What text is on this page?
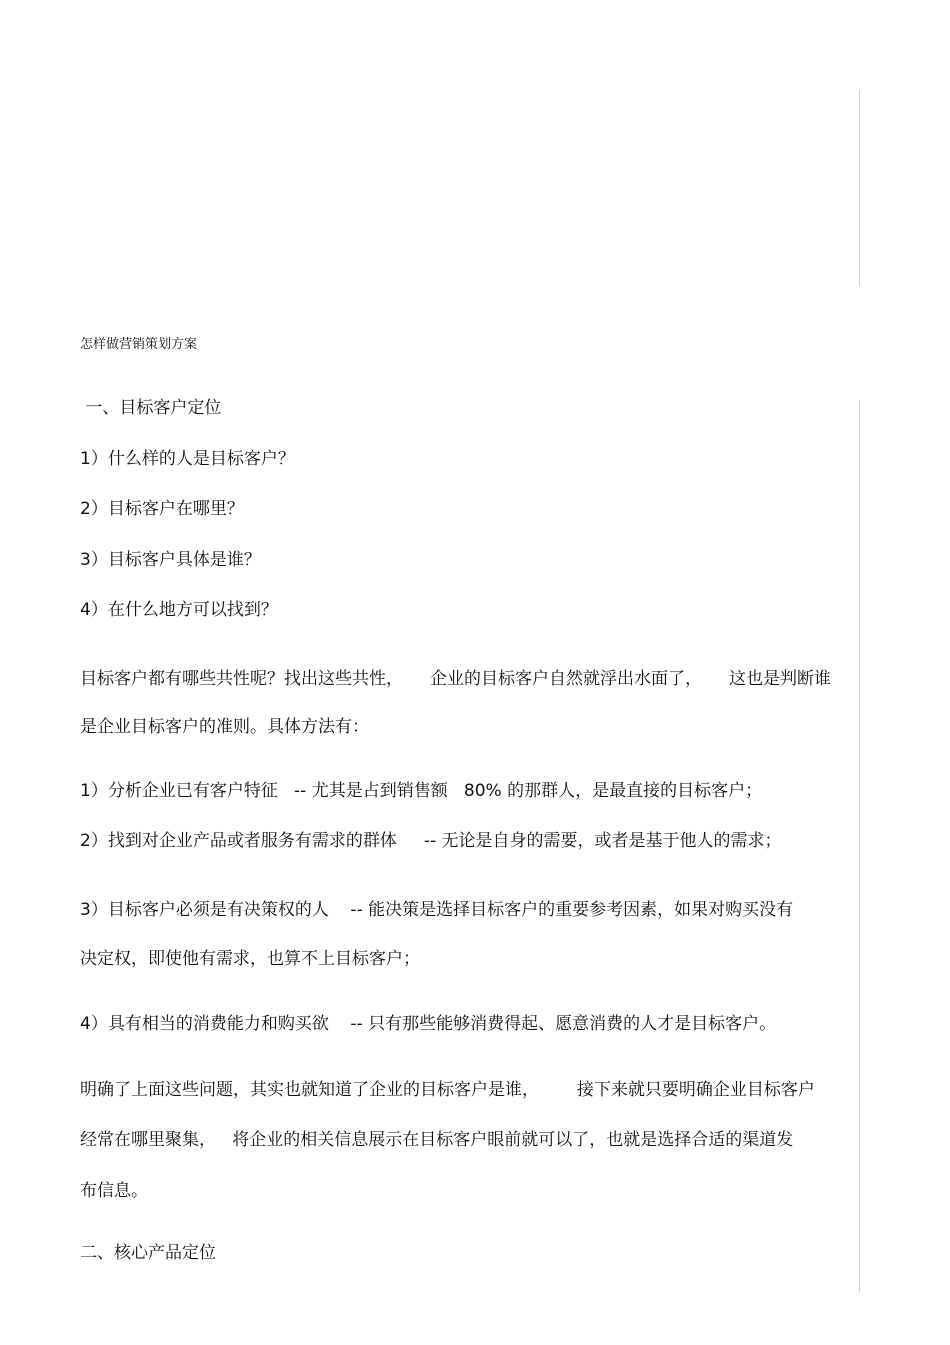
怎样做营销策划方案
一、目标客户定位
1）什么样的人是目标客户？
2）目标客户在哪里？
3）目标客户具体是谁？
4）在什么地方可以找到？
目标客户都有哪些共性呢？找出这些共性，     企业的目标客户自然就浮出水面了，     这也是判断谁
是企业目标客户的准则。具体方法有：
1）分析企业已有客户特征   -- 尤其是占到销售额   80% 的那群人，是最直接的目标客户；
2）找到对企业产品或者服务有需求的群体     -- 无论是自身的需要，或者是基于他人的需求；
3）目标客户必须是有决策权的人    -- 能决策是选择目标客户的重要参考因素，如果对购买没有
决定权，即使他有需求，也算不上目标客户；
4）具有相当的消费能力和购买欲    -- 只有那些能够消费得起、愿意消费的人才是目标客户。
明确了上面这些问题，其实也就知道了企业的目标客户是谁，       接下来就只要明确企业目标客户
经常在哪里聚集，   将企业的相关信息展示在目标客户眼前就可以了，也就是选择合适的渠道发
布信息。
二、核心产品定位
